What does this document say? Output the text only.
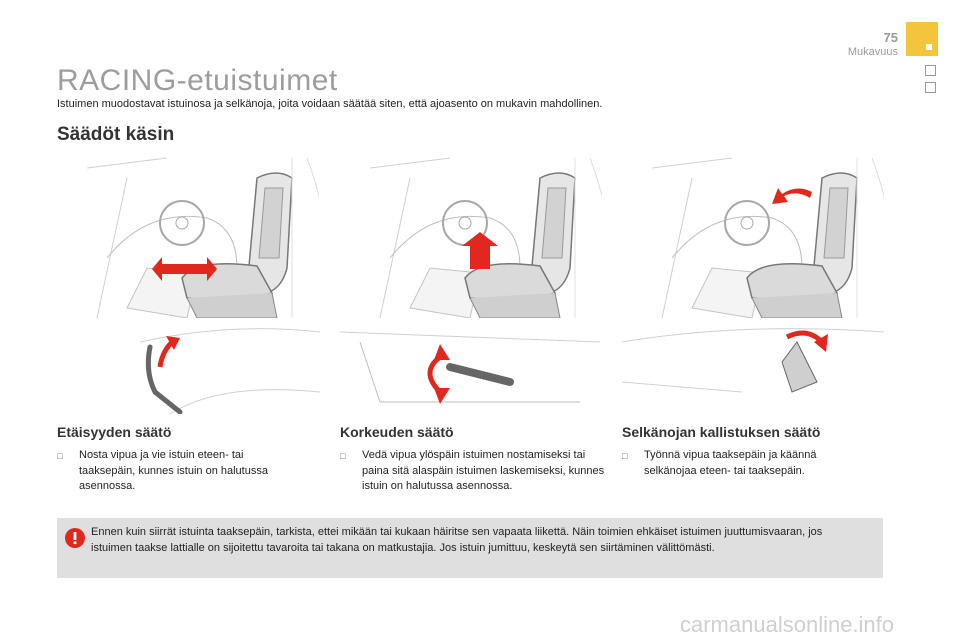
75
Mukavuus
RACING-etuistuimet
Istuimen muodostavat istuinosa ja selkänoja, joita voidaan säätää siten, että ajoasento on mukavin mahdollinen.
Säädöt käsin
Etäisyyden säätö
□ Nosta vipua ja vie istuin eteen- tai taaksepäin, kunnes istuin on halutussa asennossa.
Korkeuden säätö
□ Vedä vipua ylöspäin istuimen nostamiseksi tai paina sitä alaspäin istuimen laskemiseksi, kunnes istuin on halutussa asennossa.
Selkänojan kallistuksen säätö
□ Työnnä vipua taaksepäin ja käännä selkänojaa eteen- tai taaksepäin.
Ennen kuin siirrät istuinta taaksepäin, tarkista, ettei mikään tai kukaan häiritse sen vapaata liikettä. Näin toimien ehkäiset istuimen juuttumisvaaran, jos istuimen taakse lattialle on sijoitettu tavaroita tai takana on matkustajia. Jos istuin jumittuu, keskeytä sen siirtäminen välittömästi.
carmanualsonline.info
